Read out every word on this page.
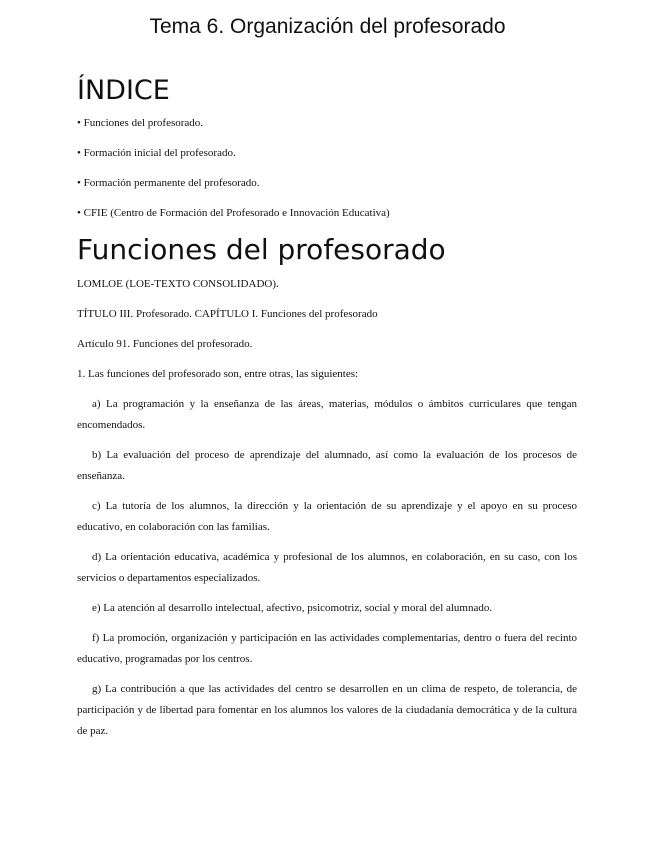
Tema 6. Organización del profesorado
ÍNDICE
• Funciones del profesorado.
• Formación inicial del profesorado.
• Formación permanente del profesorado.
• CFIE (Centro de Formación del Profesorado e Innovación Educativa)
Funciones del profesorado

LOMLOE (LOE-TEXTO CONSOLIDADO).

TÍTULO III. Profesorado. CAPÍTULO I. Funciones del profesorado

Artículo 91. Funciones del profesorado.

1. Las funciones del profesorado son, entre otras, las siguientes:

a) La programación y la enseñanza de las áreas, materias, módulos o ámbitos curriculares que tengan encomendados.

b) La evaluación del proceso de aprendizaje del alumnado, así como la evaluación de los procesos de enseñanza.

c) La tutoría de los alumnos, la dirección y la orientación de su aprendizaje y el apoyo en su proceso educativo, en colaboración con las familias.

d) La orientación educativa, académica y profesional de los alumnos, en colaboración, en su caso, con los servicios o departamentos especializados.

e) La atención al desarrollo intelectual, afectivo, psicomotriz, social y moral del alumnado.

f) La promoción, organización y participación en las actividades complementarias, dentro o fuera del recinto educativo, programadas por los centros.

g) La contribución a que las actividades del centro se desarrollen en un clima de respeto, de tolerancia, de participación y de libertad para fomentar en los alumnos los valores de la ciudadanía democrática y de la cultura de paz.
